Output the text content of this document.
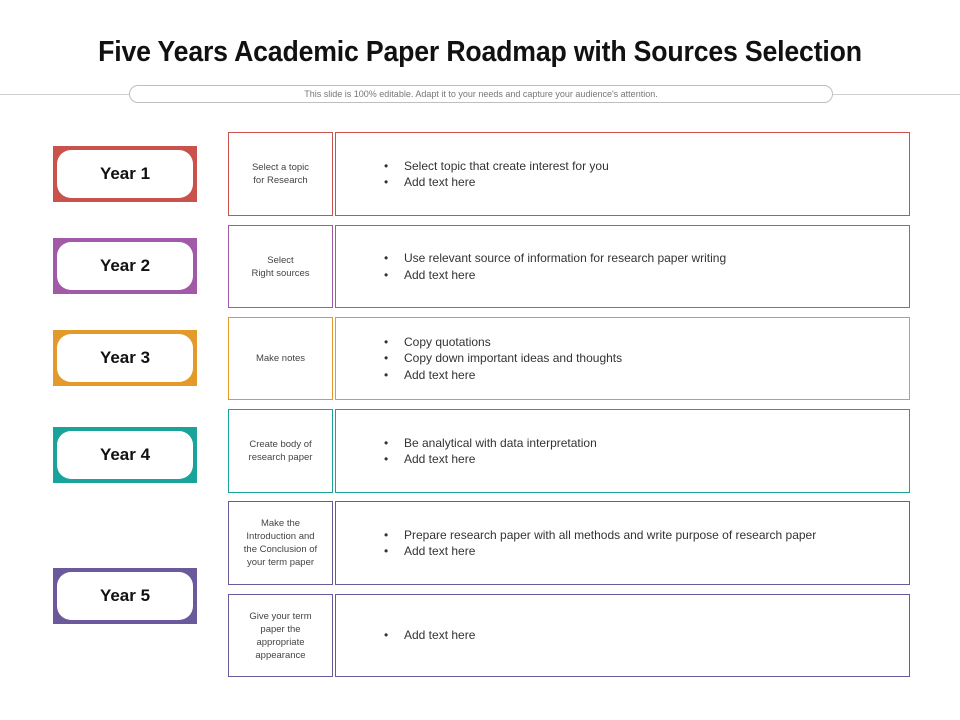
Five Years Academic Paper Roadmap with Sources Selection
This slide is 100% editable. Adapt it to your needs and capture your audience's attention.
Year 1
Year 2
Year 3
Year 4
Year 5
Select a topic
for Research
• Select topic that create interest for you
• Add text here
Select
Right sources
• Use relevant source of information for research paper writing
• Add text here
Make notes
• Copy quotations
• Copy down important ideas and thoughts
• Add text here
Create body of
research paper
• Be analytical with data interpretation
• Add text here
Make the
Introduction and
the Conclusion of
your term paper
• Prepare research paper with all methods and write purpose of research paper
• Add text here
Give your term
paper the
appropriate
appearance
• Add text here
